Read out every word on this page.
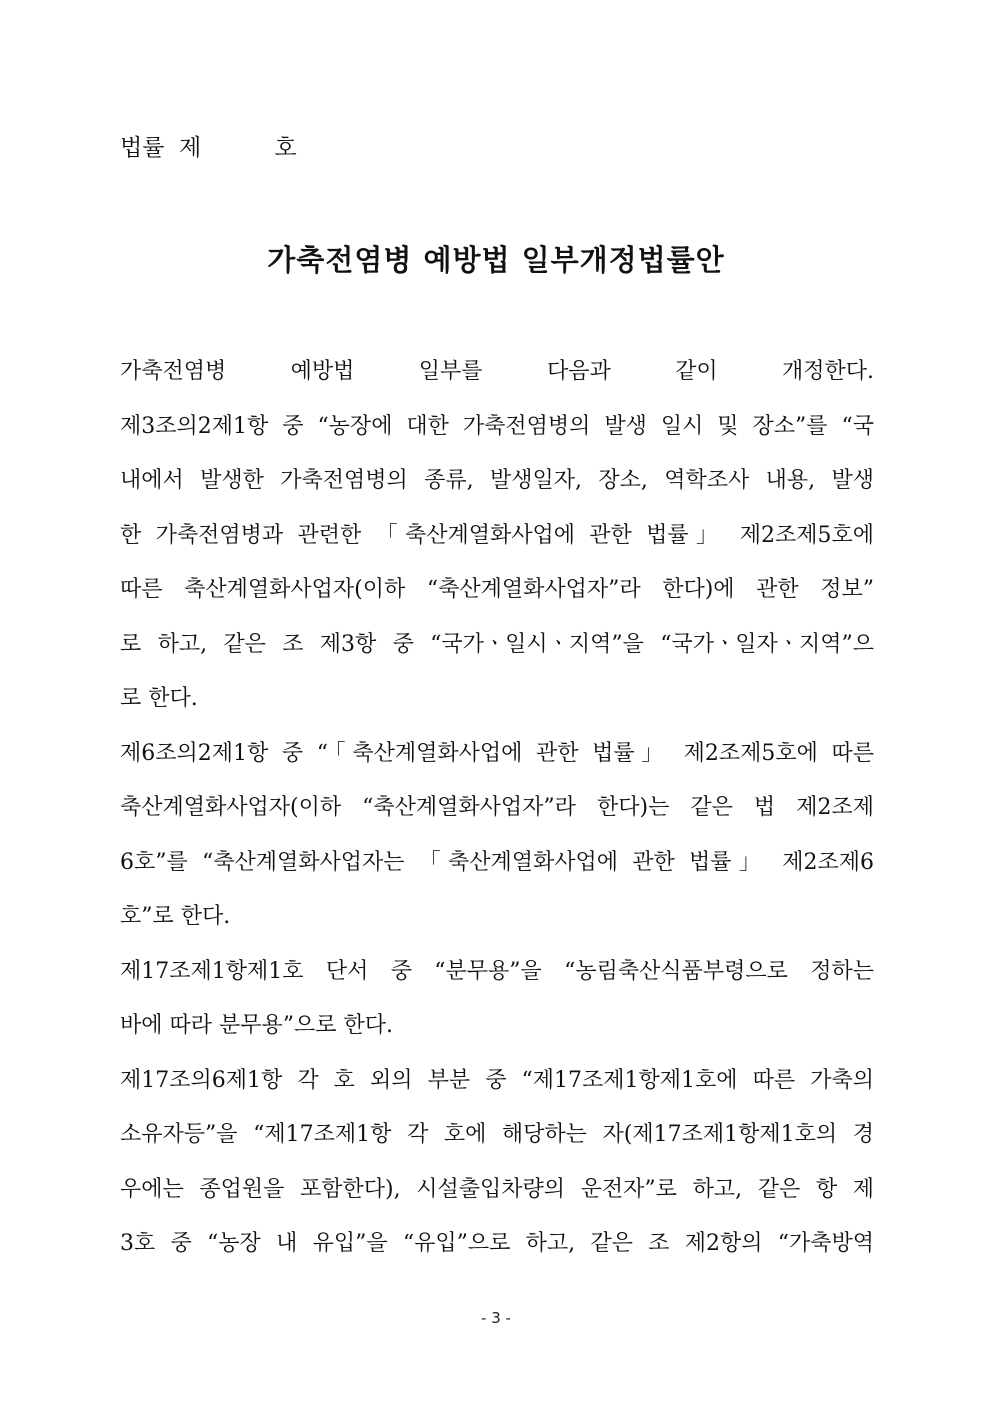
법률  제          호
가축전염병 예방법 일부개정법률안
가축전염병 예방법 일부를 다음과 같이 개정한다.
제3조의2제1항 중 “농장에 대한 가축전염병의 발생 일시 및 장소”를 “국
내에서 발생한 가축전염병의 종류, 발생일자, 장소, 역학조사 내용, 발생
한 가축전염병과 관련한 「축산계열화사업에 관한 법률」 제2조제5호에
따른 축산계열화사업자(이하 “축산계열화사업자”라 한다)에 관한 정보”
로 하고, 같은 조 제3항 중 “국가ㆍ일시ㆍ지역”을 “국가ㆍ일자ㆍ지역”으
로 한다.
제6조의2제1항 중 “「축산계열화사업에 관한 법률」 제2조제5호에 따른
축산계열화사업자(이하 “축산계열화사업자”라 한다)는 같은 법 제2조제
6호”를 “축산계열화사업자는 「축산계열화사업에 관한 법률」 제2조제6
호”로 한다.
제17조제1항제1호 단서 중 “분무용”을 “농림축산식품부령으로 정하는
바에 따라 분무용”으로 한다.
제17조의6제1항 각 호 외의 부분 중 “제17조제1항제1호에 따른 가축의
소유자등”을 “제17조제1항 각 호에 해당하는 자(제17조제1항제1호의 경
우에는 종업원을 포함한다), 시설출입차량의 운전자”로 하고, 같은 항 제
3호 중 “농장 내 유입”을 “유입”으로 하고, 같은 조 제2항의 “가축방역
- 3 -
